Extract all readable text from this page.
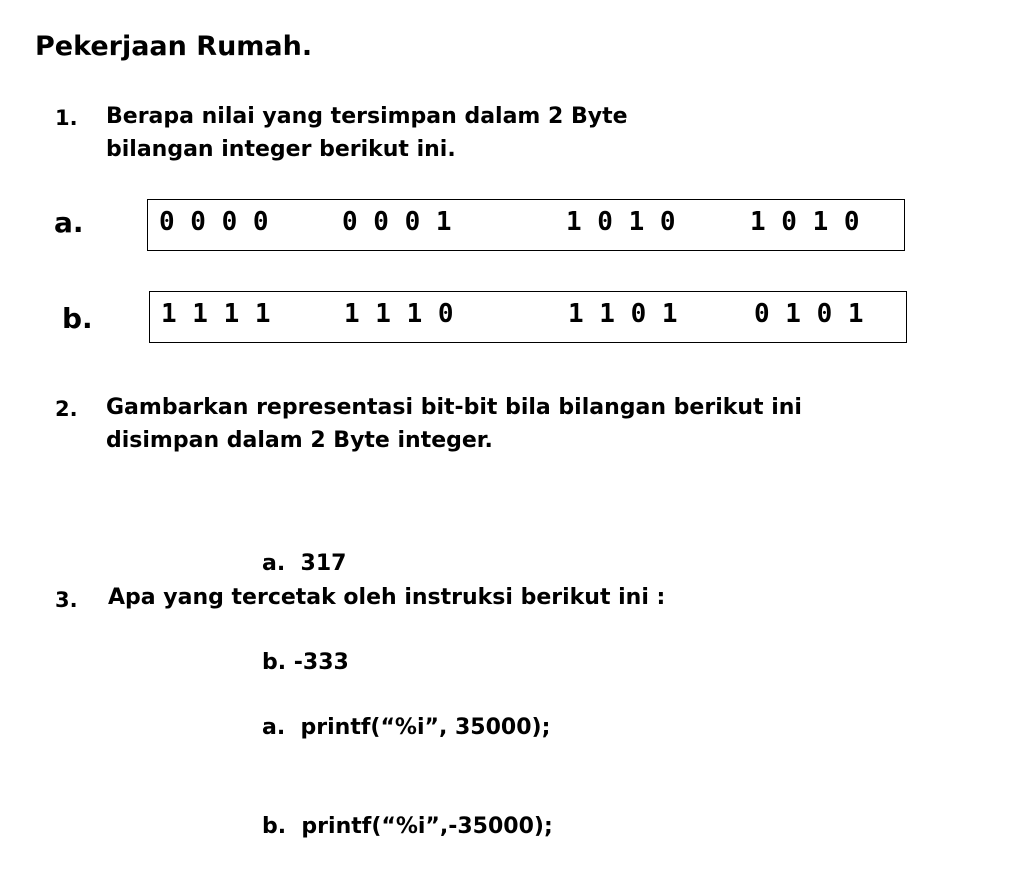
Pekerjaan Rumah.
1. Berapa nilai yang tersimpan dalam 2 Byte
bilangan integer berikut ini.
a.

	0 0 0 0

	0 0 0 1

	1 0 1 0

	1 0 1 0

b.

	1 1 1 1

	1 1 1 0

	1 1 0 1

	0 1 0 1

2. Gambarkan representasi bit-bit bila bilangan berikut ini
disimpan dalam 2 Byte integer.

a.  317

b. -333

3. Apa yang tercetak oleh instruksi berikut ini :

a.  printf(“%i”, 35000);

b.  printf(“%i”,-35000);
